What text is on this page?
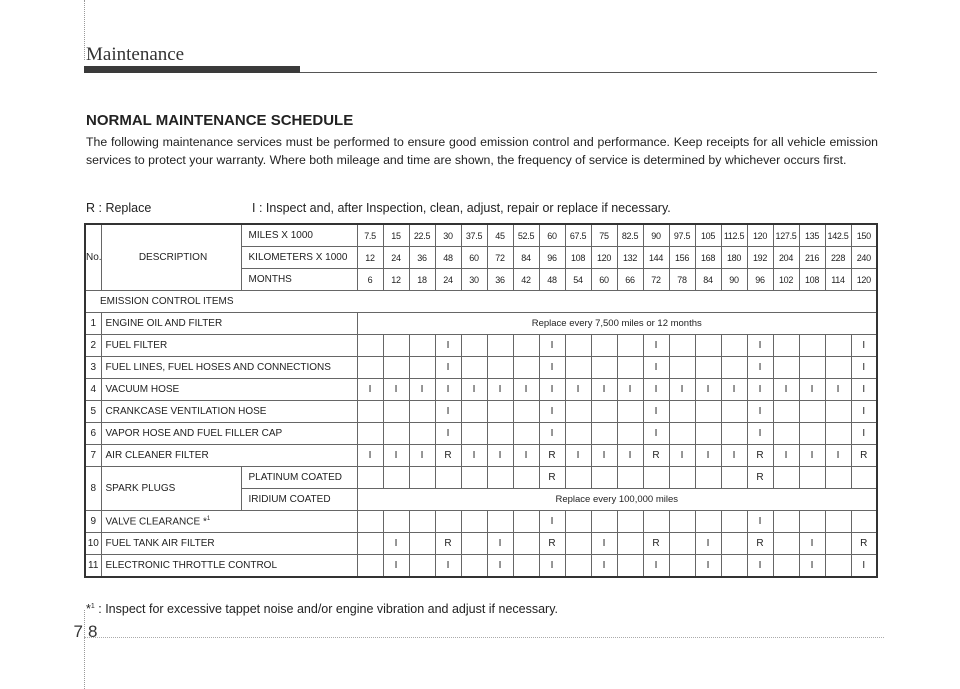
Maintenance
78
NORMAL MAINTENANCE SCHEDULE
The following maintenance services must be performed to ensure good emission control and performance. Keep receipts for all vehicle emission services to protect your warranty. Where both mileage and time are shown, the frequency of service is determined by whichever occurs first.
R : Replace	I : Inspect and, after Inspection, clean, adjust, repair or replace if necessary.
No.	DESCRIPTION	MILES X 1000	7.5	15	22.5	30	37.5	45	52.5	60	67.5	75	82.5	90	97.5	105	112.5	120	127.5	135	142.5	150
		KILOMETERS X 1000	12	24	36	48	60	72	84	96	108	120	132	144	156	168	180	192	204	216	228	240
		MONTHS	6	12	18	24	30	36	42	48	54	60	66	72	78	84	90	96	102	108	114	120
EMISSION CONTROL ITEMS																						
1	ENGINE OIL AND FILTER		Replace every 7,500 miles or 12 months																			
2	FUEL FILTER					I				I				I				I				I
3	FUEL LINES, FUEL HOSES AND CONNECTIONS					I				I				I				I				I
4	VACUUM HOSE		I	I	I	I	I	I	I	I	I	I	I	I	I	I	I	I	I	I	I	I
5	CRANKCASE VENTILATION HOSE					I				I				I				I				I
6	VAPOR HOSE AND FUEL FILLER CAP					I				I				I				I				I
7	AIR CLEANER FILTER		I	I	I	R	I	I	I	R	I	I	I	R	I	I	I	R	I	I	I	R
8	SPARK PLUGS	PLATINUM COATED								R								R				
		IRIDIUM COATED	Replace every 100,000 miles																			
9	VALVE CLEARANCE *$^1$									I								I				
10	FUEL TANK AIR FILTER			I		R		I		R		I		R		I		R		I		R
11	ELECTRONIC THROTTLE CONTROL			I		I		I		I		I		I		I		I		I		I
*$^1$ : Inspect for excessive tappet noise and/or engine vibration and adjust if necessary.
